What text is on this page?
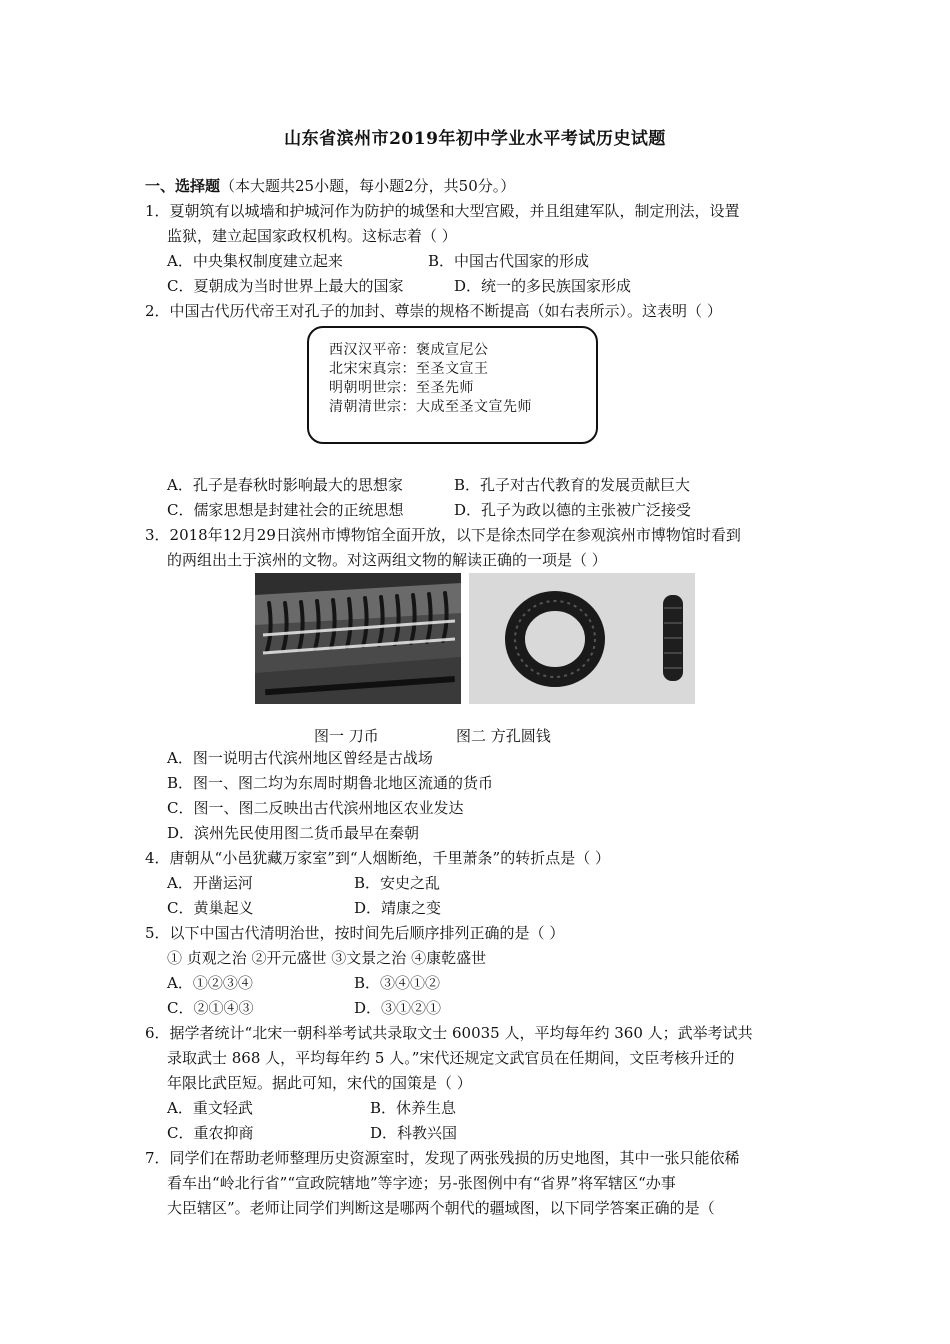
山东省滨州市2019年初中学业水平考试历史试题
一、选择题（本大题共25小题，每小题2分，共50分。）
1．夏朝筑有以城墙和护城河作为防护的城堡和大型宫殿，并且组建军队，制定刑法，设置
监狱，建立起国家政权机构。这标志着（ ）
A．中央集权制度建立起来	B．中国古代国家的形成
C．夏朝成为当时世界上最大的国家	D．统一的多民族国家形成
2．中国古代历代帝王对孔子的加封、尊崇的规格不断提高（如右表所示）。这表明（ ）
西汉汉平帝：褒成宣尼公
北宋宋真宗：至圣文宣王
明朝明世宗：至圣先师
清朝清世宗：大成至圣文宣先师
A．孔子是春秋时影响最大的思想家	B．孔子对古代教育的发展贡献巨大
C．儒家思想是封建社会的正统思想	D．孔子为政以德的主张被广泛接受
3．2018年12月29日滨州市博物馆全面开放，以下是徐杰同学在参观滨州市博物馆时看到
的两组出土于滨州的文物。对这两组文物的解读正确的一项是（ ）
图一 刀币	图二 方孔圆钱
A．图一说明古代滨州地区曾经是古战场
B．图一、图二均为东周时期鲁北地区流通的货币
C．图一、图二反映出古代滨州地区农业发达
D．滨州先民使用图二货币最早在秦朝
4．唐朝从“小邑犹藏万家室”到“人烟断绝，千里萧条”的转折点是（ ）
A．开凿运河	B．安史之乱
C．黄巢起义	D．靖康之变
5．以下中国古代清明治世，按时间先后顺序排列正确的是（ ）
① 贞观之治 ②开元盛世 ③文景之治 ④康乾盛世
A．①②③④	B．③④①②
C．②①④③	D．③①②①
6．据学者统计“北宋一朝科举考试共录取文士 60035 人，平均每年约 360 人；武举考试共
录取武士 868 人，平均每年约 5 人。”宋代还规定文武官员在任期间，文臣考核升迁的
年限比武臣短。据此可知，宋代的国策是（ ）
A．重文轻武	B．休养生息
C．重农抑商	D．科教兴国
7．同学们在帮助老师整理历史资源室时，发现了两张残损的历史地图，其中一张只能依稀
看车出“岭北行省”“宣政院辖地”等字迹；另-张图例中有“省界”将军辖区“办事
大臣辖区”。老师让同学们判断这是哪两个朝代的疆域图，以下同学答案正确的是（
